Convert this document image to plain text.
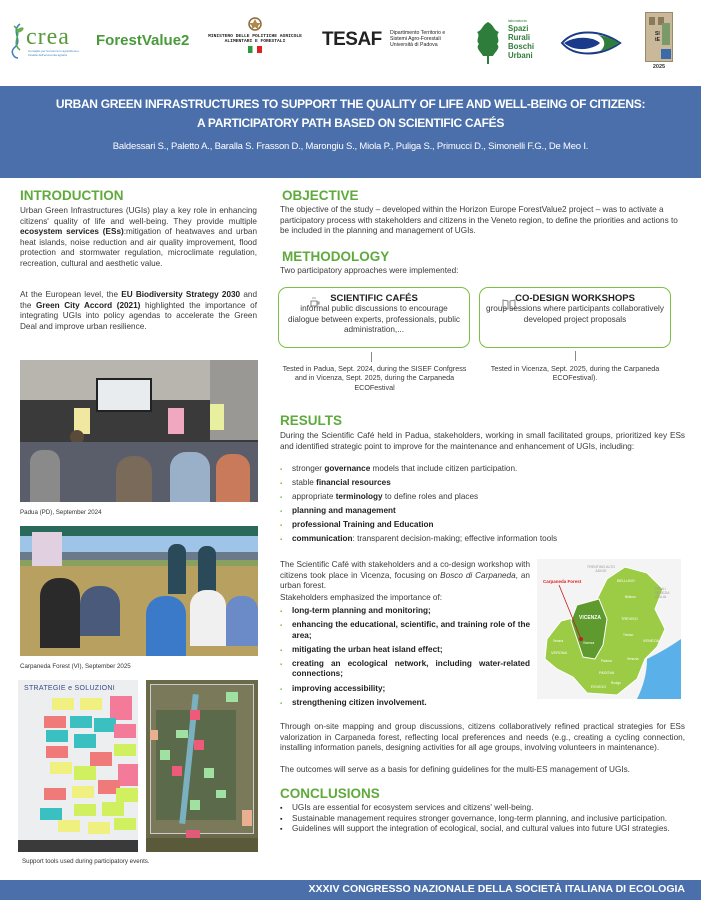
crea
Consiglio per la ricerca in agricoltura e l'analisi dell'economia agraria
ForestValue2	MINISTERO DELLE POLITICHE AGRICOLE ALIMENTARI E FORESTALI	TESAF Dipartimento Territorio e Sistemi Agro-Forestali Università di Padova
laboratorio
Spazi
Rurali
Boschi
Urbani
SItE
2025
URBAN GREEN INFRASTRUCTURES TO SUPPORT THE QUALITY OF LIFE AND WELL-BEING OF CITIZENS:
A PARTICIPATORY PATH BASED ON SCIENTIFIC CAFÉS
Baldessari S., Paletto A., Baralla S. Frasson D., Marongiu S., Miola P., Puliga S., Primucci D., Simonelli F.G., De Meo I.
INTRODUCTION
Urban Green Infrastructures (UGIs) play a key role in enhancing citizens' quality of life and well-being. They provide multiple ecosystem services (ESs):mitigation of heatwaves and urban heat islands, noise reduction and air quality improvement, flood protection and stormwater regulation, microclimate regulation, recreation, cultural and aesthetic value.
At the European level, the EU Biodiversity Strategy 2030 and the Green City Accord (2021) highlighted the importance of integrating UGIs into policy agendas to accelerate the Green Deal and improve urban resilience.
Padua (PD), September 2024
Carpaneda Forest (VI), September 2025
STRATEGIE e SOLUZIONI
Support tools used during participatory events.
OBJECTIVE
The objective of the study – developed within the Horizon Europe ForestValue2 project – was to activate a participatory process with stakeholders and citizens in the Veneto region, to define the priorities and actions to be included in the planning and management of UGIs.
METHODOLOGY
Two participatory approaches were implemented:
SCIENTIFIC CAFÉS
informal public discussions to encourage dialogue between experts, professionals, public administration,...
CO-DESIGN WORKSHOPS
group sessions where participants collaboratively developed project proposals
Tested in Padua, Sept. 2024, during the SISEF Confgress and in Vicenza, Sept. 2025, during the Carpaneda ECOFestival
Tested in Vicenza, Sept. 2025, during the Carpaneda ECOFestival).
RESULTS
During the Scientific Café held in Padua, stakeholders, working in small facilitated groups, prioritized key ESs and identified strategic point to improve for the maintenance and enhancement of UGIs, including:
▪ stronger governance models that include citizen participation.
▪ stable financial resources
▪ appropriate terminology to define roles and places
▪ planning and management
▪ professional Training and Education
▪ communication: transparent decision-making; effective information tools
The Scientific Café with stakeholders and a co-design workshop with citizens took place in Vicenza, focusing on Bosco di Carpaneda, an urban forest.
Stakeholders emphasized the importance of:
▪ long-term planning and monitoring;
▪ enhancing the educational, scientific, and training role of the area;
▪ mitigating the urban heat island effect;
▪ creating an ecological network, including water-related connections;
▪ improving accessibility;
▪ strengthening citizen involvement.
Carpaneda Forest
TRENTINO ALTO ADIGE
BELLUNO
FRIULI VENEZIA GIULIA
VICENZA	TREVISO
VENEZIA
VERONA
PADOVA
ROVIGO
Belluno
Vicenza
Treviso
Verona
Padova	Venezia
Rovigo
Through on-site mapping and group discussions, citizens collaboratively refined practical strategies for ESs valorization in Carpaneda forest, reflecting local preferences and needs (e.g., creating a cycling connection, installing information panels, designing activities for all age groups, involving volunteers in maintenance).
The outcomes will serve as a basis for defining guidelines for the multi-ES management of UGIs.
CONCLUSIONS
▪ UGIs are essential for ecosystem services and citizens' well-being.
▪ Sustainable management requires stronger governance, long-term planning, and inclusive participation.
▪ Guidelines will support the integration of ecological, social, and cultural values into future UGI strategies.
XXXIV CONGRESSO NAZIONALE DELLA SOCIETÀ ITALIANA DI ECOLOGIA
